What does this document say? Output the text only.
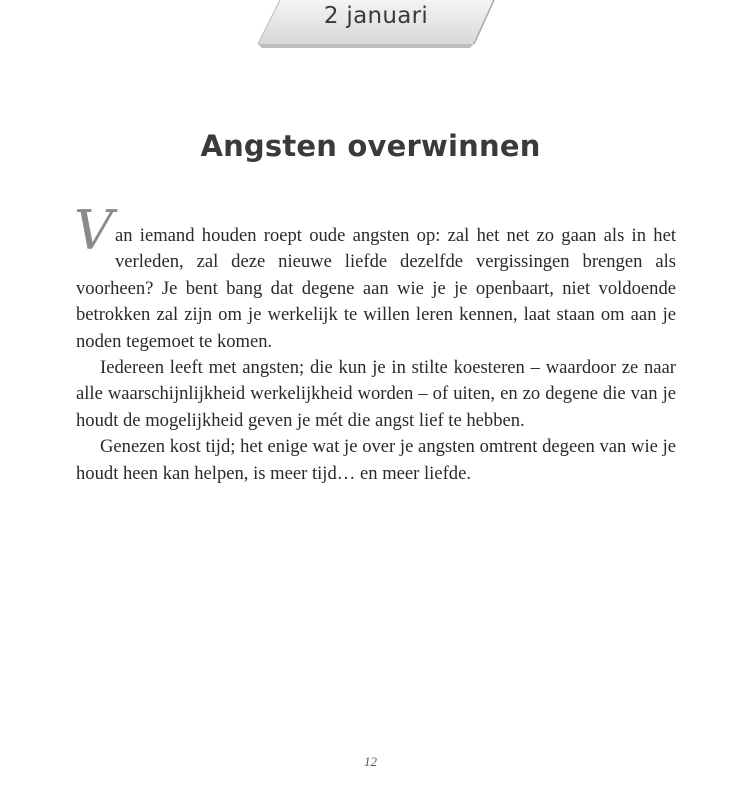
2 januari
Angsten overwinnen

Van iemand houden roept oude angsten op: zal het net zo gaan als in het verleden, zal deze nieuwe liefde dezelfde vergissingen brengen als voorheen? Je bent bang dat degene aan wie je je openbaart, niet voldoende betrokken zal zijn om je werkelijk te willen leren kennen, laat staan om aan je noden tegemoet te komen.

Iedereen leeft met angsten; die kun je in stilte koesteren – waardoor ze naar alle waarschijnlijkheid werkelijkheid worden – of uiten, en zo degene die van je houdt de mogelijkheid geven je mét die angst lief te hebben.

Genezen kost tijd; het enige wat je over je angsten omtrent degeen van wie je houdt heen kan helpen, is meer tijd… en meer liefde.

12
